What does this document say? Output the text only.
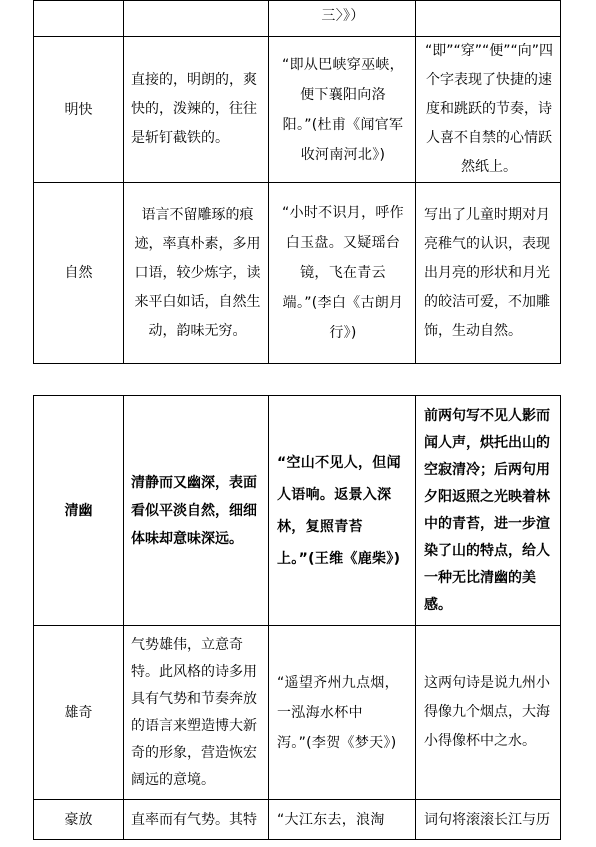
		三〉》）	

明快	直接的，明朗的，爽快的，泼辣的，往往是斩钉截铁的。	“即从巴峡穿巫峡，便下襄阳向洛阳。”(杜甫《闻官军收河南河北》)	“即”“穿”“便”“向”四个字表现了快捷的速度和跳跃的节奏，诗人喜不自禁的心情跃然纸上。

自然	语言不留雕琢的痕迹，率真朴素，多用口语，较少炼字，读来平白如话，自然生动，韵味无穷。	“小时不识月，呼作白玉盘。又疑瑶台镜，飞在青云端。”(李白《古朗月行》)	写出了儿童时期对月亮稚气的认识，表现出月亮的形状和月光的皎洁可爱，不加雕饰，生动自然。
清幽	清静而又幽深，表面看似平淡自然，细细体味却意味深远。	“空山不见人，但闻人语响。返景入深林，复照青苔上。”(王维《鹿柴》)	前两句写不见人影而闻人声，烘托出山的空寂清冷；后两句用夕阳返照之光映着林中的青苔，进一步渲染了山的特点，给人一种无比清幽的美感。

雄奇	气势雄伟，立意奇特。此风格的诗多用具有气势和节奏奔放的语言来塑造博大新奇的形象，营造恢宏阔远的意境。	“遥望齐州九点烟，一泓海水杯中泻。”(李贺《梦天》)	这两句诗是说九州小得像九个烟点，大海小得像杯中之水。

豪放	直率而有气势。其特	“大江东去，浪淘	词句将滚滚长江与历
